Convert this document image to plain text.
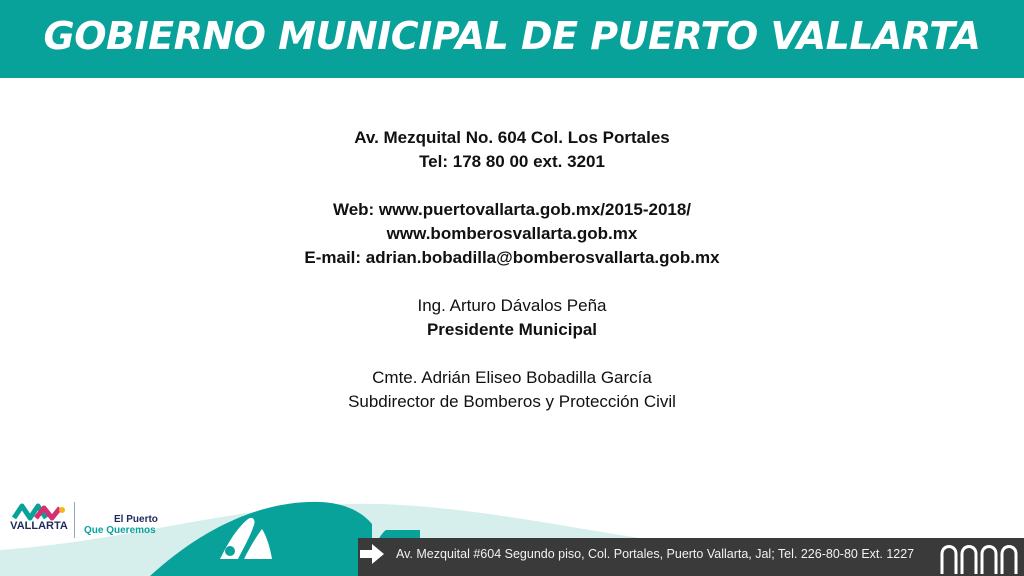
GOBIERNO MUNICIPAL DE PUERTO VALLARTA
Av. Mezquital No. 604 Col. Los Portales
Tel: 178 80 00 ext. 3201
Web: www.puertovallarta.gob.mx/2015-2018/
www.bomberosvallarta.gob.mx
E-mail: adrian.bobadilla@bomberosvallarta.gob.mx
Ing. Arturo Dávalos Peña
Presidente Municipal
Cmte. Adrián Eliseo Bobadilla García
Subdirector de Bomberos y Protección Civil
VALLARTA
El Puerto
Que Queremos
Av. Mezquital #604 Segundo piso, Col. Portales, Puerto Vallarta, Jal; Tel. 226-80-80 Ext. 1227
